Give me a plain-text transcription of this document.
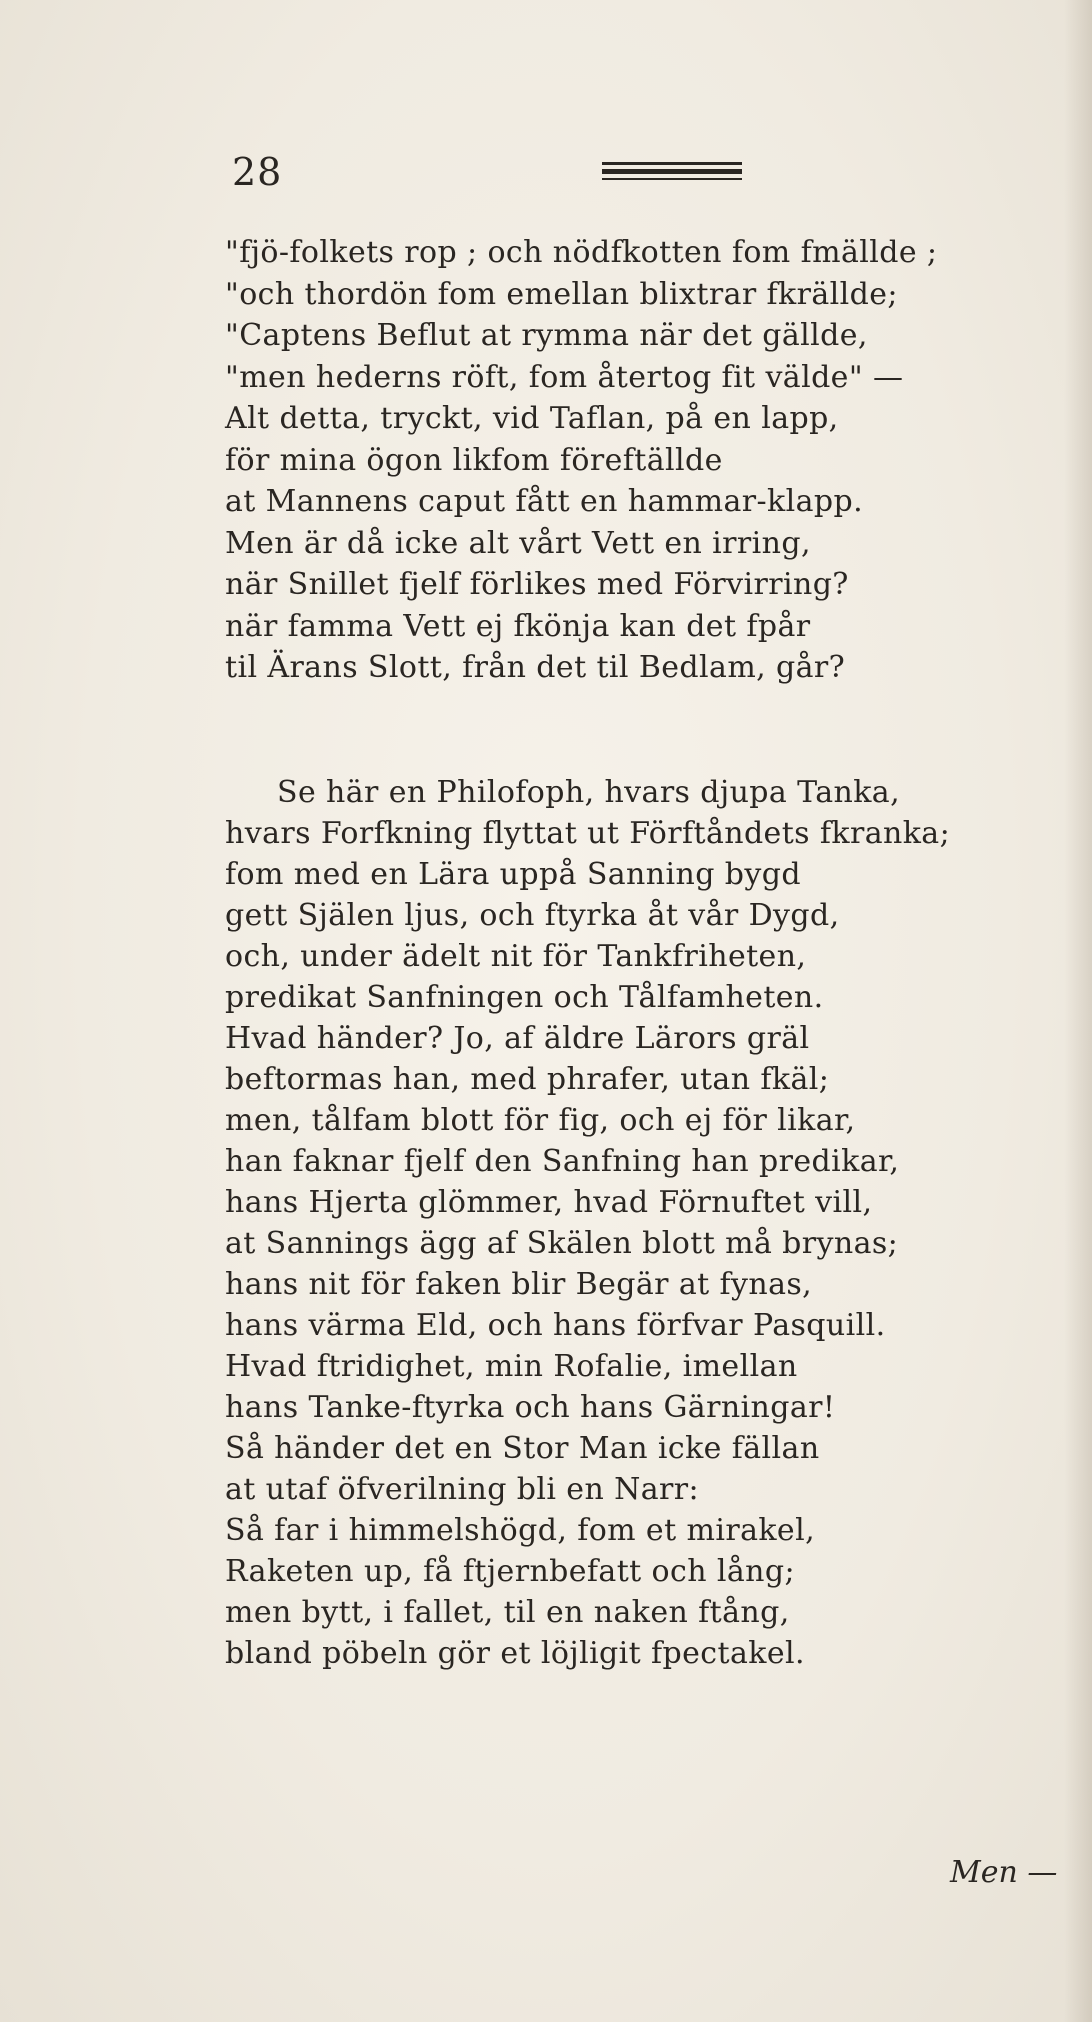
28
"fjö-folkets rop ; och nödfkotten fom fmällde ;
"och thordön fom emellan blixtrar fkrällde;
"Captens Beflut at rymma när det gällde,
"men hederns röft, fom återtog fit välde" —
Alt detta, tryckt, vid Taflan, på en lapp,
för mina ögon likfom föreftällde
at Mannens caput fått en hammar-klapp.
Men är då icke alt vårt Vett en irring,
när Snillet fjelf förlikes med Förvirring?
när famma Vett ej fkönja kan det fpår
til Ärans Slott, från det til Bedlam, går?
Se här en Philofoph, hvars djupa Tanka,
hvars Forfkning flyttat ut Förftåndets fkranka;
fom med en Lära uppå Sanning bygd
gett Själen ljus, och ftyrka åt vår Dygd,
och, under ädelt nit för Tankfriheten,
predikat Sanfningen och Tålfamheten.
Hvad händer? Jo, af äldre Lärors gräl
beftormas han, med phrafer, utan fkäl;
men, tålfam blott för fig, och ej för likar,
han faknar fjelf den Sanfning han predikar,
hans Hjerta glömmer, hvad Förnuftet vill,
at Sannings ägg af Skälen blott må brynas;
hans nit för faken blir Begär at fynas,
hans värma Eld, och hans förfvar Pasquill.
Hvad ftridighet, min Rofalie, imellan
hans Tanke-ftyrka och hans Gärningar!
Så händer det en Stor Man icke fällan
at utaf öfverilning bli en Narr:
Så far i himmelshögd, fom et mirakel,
Raketen up, få ftjernbefatt och lång;
men bytt, i fallet, til en naken ftång,
bland pöbeln gör et löjligit fpectakel.
Men —
